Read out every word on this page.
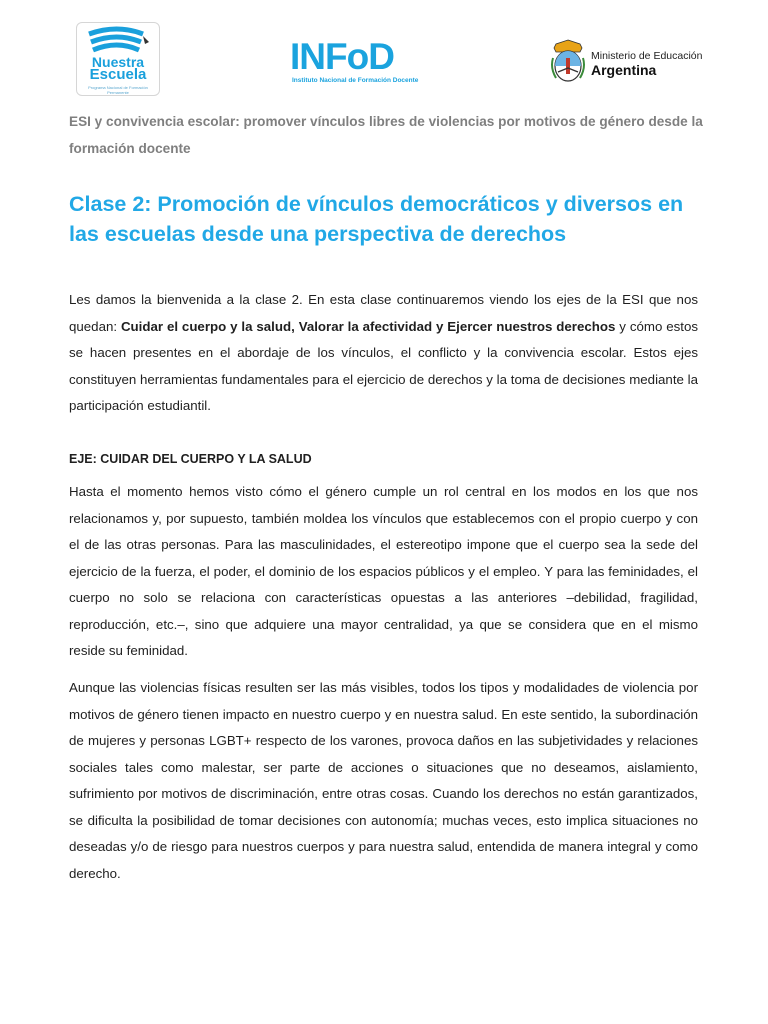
Nuestra
Escuela
Programa Nacional de Formación Permanente
INFoD
Instituto Nacional de Formación Docente
Ministerio de Educación
Argentina
ESI y convivencia escolar: promover vínculos libres de violencias por motivos de género desde la formación docente
Clase 2: Promoción de vínculos democráticos y diversos en las escuelas desde una perspectiva de derechos

Les damos la bienvenida a la clase 2. En esta clase continuaremos viendo los ejes de la ESI que nos quedan: Cuidar el cuerpo y la salud, Valorar la afectividad y Ejercer nuestros derechos y cómo estos se hacen presentes en el abordaje de los vínculos, el conflicto y la convivencia escolar. Estos ejes constituyen herramientas fundamentales para el ejercicio de derechos y la toma de decisiones mediante la participación estudiantil.

EJE: CUIDAR DEL CUERPO Y LA SALUD

Hasta el momento hemos visto cómo el género cumple un rol central en los modos en los que nos relacionamos y, por supuesto, también moldea los vínculos que establecemos con el propio cuerpo y con el de las otras personas. Para las masculinidades, el estereotipo impone que el cuerpo sea la sede del ejercicio de la fuerza, el poder, el dominio de los espacios públicos y el empleo. Y para las feminidades, el cuerpo no solo se relaciona con características opuestas a las anteriores –debilidad, fragilidad, reproducción, etc.–, sino que adquiere una mayor centralidad, ya que se considera que en el mismo reside su feminidad.

Aunque las violencias físicas resulten ser las más visibles, todos los tipos y modalidades de violencia por motivos de género tienen impacto en nuestro cuerpo y en nuestra salud. En este sentido, la subordinación de mujeres y personas LGBT+ respecto de los varones, provoca daños en las subjetividades y relaciones sociales tales como malestar, ser parte de acciones o situaciones que no deseamos, aislamiento, sufrimiento por motivos de discriminación, entre otras cosas. Cuando los derechos no están garantizados, se dificulta la posibilidad de tomar decisiones con autonomía; muchas veces, esto implica situaciones no deseadas y/o de riesgo para nuestros cuerpos y para nuestra salud, entendida de manera integral y como derecho.
